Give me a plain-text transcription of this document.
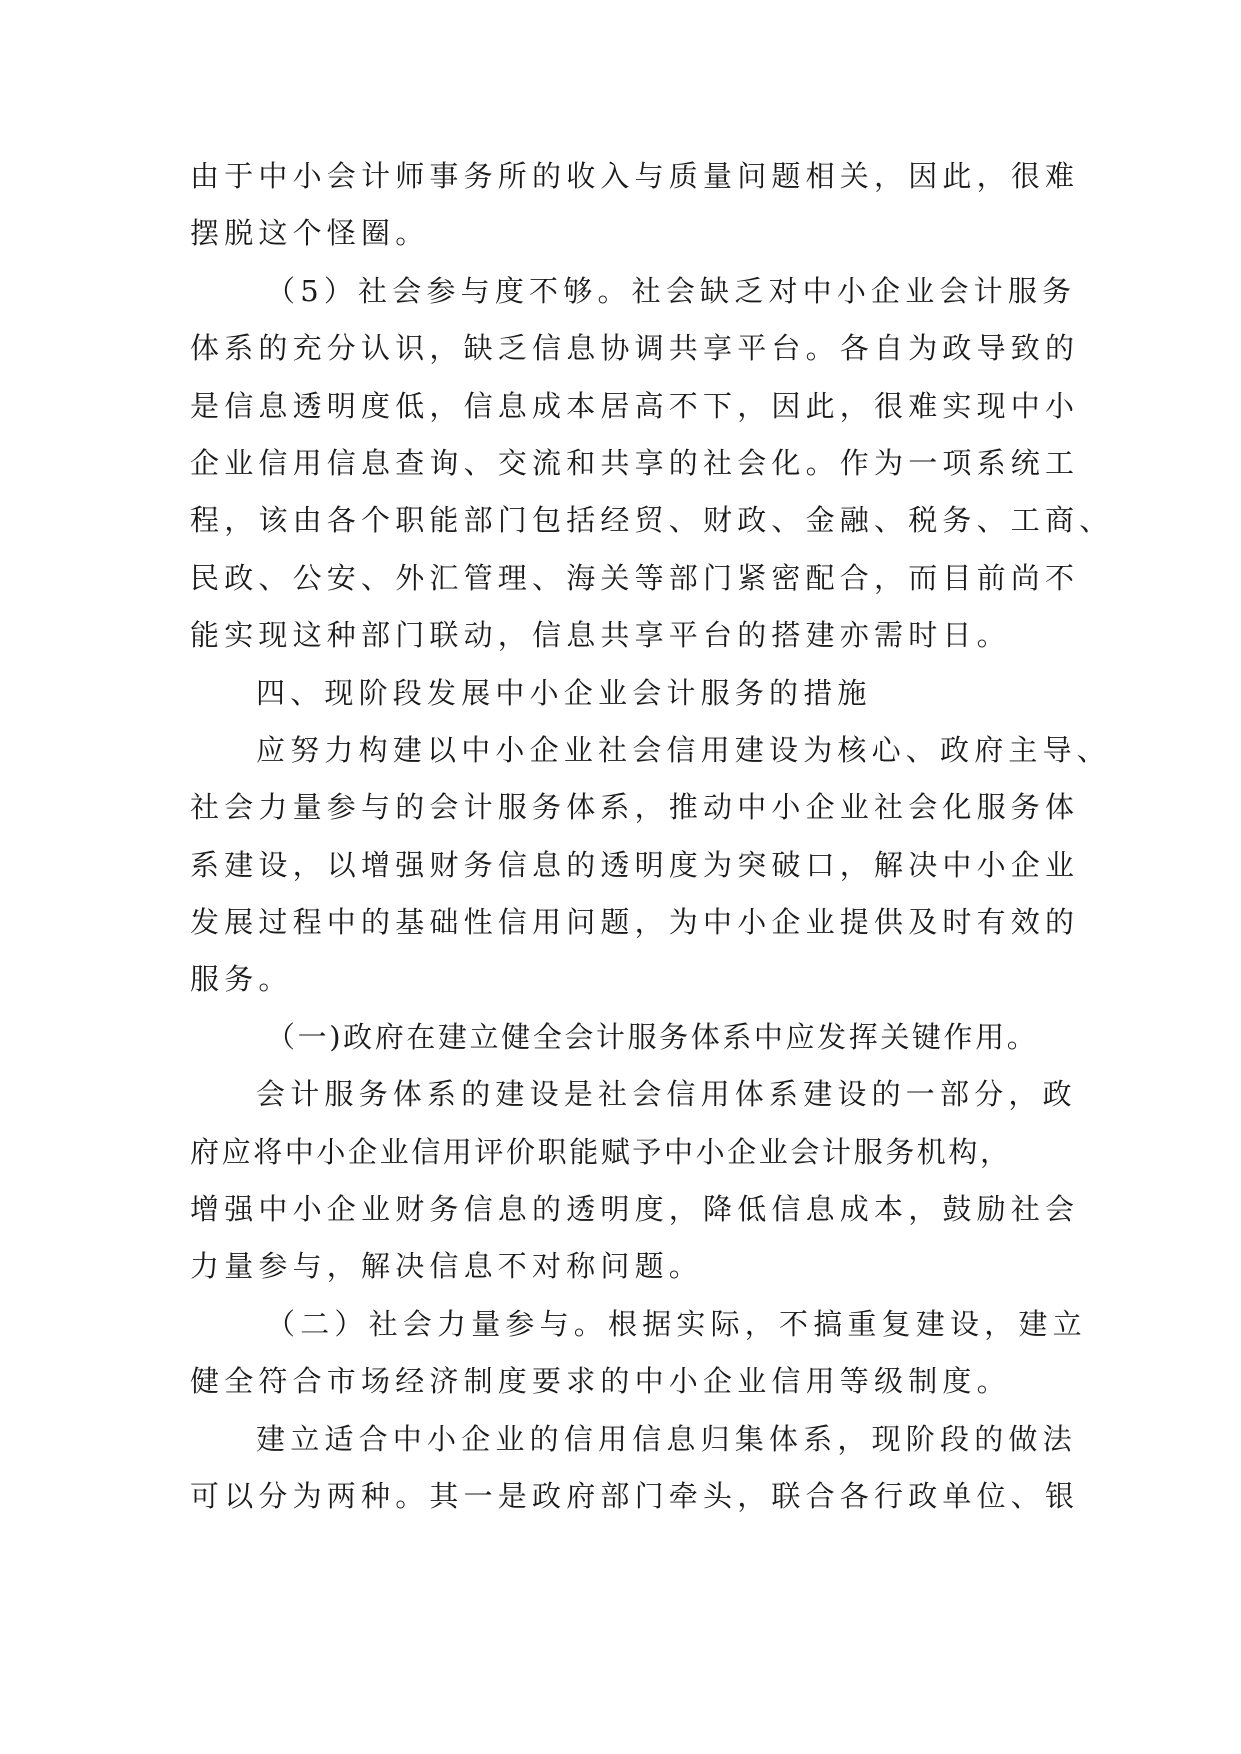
由于中小会计师事务所的收入与质量问题相关，因此，很难
摆脱这个怪圈。
（5）社会参与度不够。社会缺乏对中小企业会计服务
体系的充分认识，缺乏信息协调共享平台。各自为政导致的
是信息透明度低，信息成本居高不下，因此，很难实现中小
企业信用信息查询、交流和共享的社会化。作为一项系统工
程，该由各个职能部门包括经贸、财政、金融、税务、工商、
民政、公安、外汇管理、海关等部门紧密配合，而目前尚不
能实现这种部门联动，信息共享平台的搭建亦需时日。
四、现阶段发展中小企业会计服务的措施
应努力构建以中小企业社会信用建设为核心、政府主导、
社会力量参与的会计服务体系，推动中小企业社会化服务体
系建设，以增强财务信息的透明度为突破口，解决中小企业
发展过程中的基础性信用问题，为中小企业提供及时有效的
服务。
（一)政府在建立健全会计服务体系中应发挥关键作用。
会计服务体系的建设是社会信用体系建设的一部分，政
府应将中小企业信用评价职能赋予中小企业会计服务机构，
增强中小企业财务信息的透明度，降低信息成本，鼓励社会
力量参与，解决信息不对称问题。
（二）社会力量参与。根据实际，不搞重复建设，建立
健全符合市场经济制度要求的中小企业信用等级制度。
建立适合中小企业的信用信息归集体系，现阶段的做法
可以分为两种。其一是政府部门牵头，联合各行政单位、银
